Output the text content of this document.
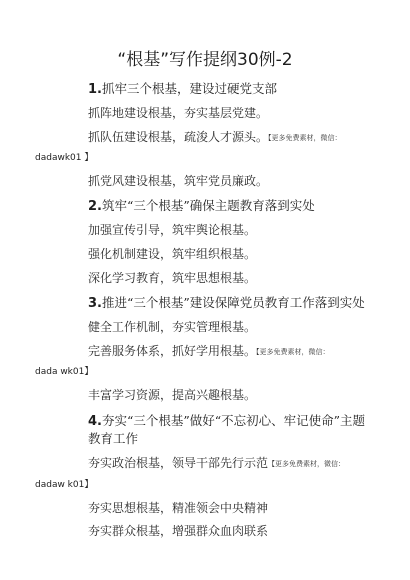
“根基”写作提纲30例-2
1.抓牢三个根基，建设过硬党支部
抓阵地建设根基，夯实基层党建。
抓队伍建设根基，疏浚人才源头。【更多免费素材，微信：
dadawk01 】
抓党风建设根基，筑牢党员廉政。
2.筑牢“三个根基”确保主题教育落到实处
加强宣传引导，筑牢舆论根基。
强化机制建设，筑牢组织根基。
深化学习教育，筑牢思想根基。
3.推进“三个根基”建设保障党员教育工作落到实处
健全工作机制，夯实管理根基。
完善服务体系，抓好学用根基。【更多免费素材，微信：
dada wk01】
丰富学习资源，提高兴趣根基。
4.夯实“三个根基”做好“不忘初心、牢记使命”主题
教育工作
夯实政治根基，领导干部先行示范【更多免费素材，微信：
dadaw k01】
夯实思想根基，精准领会中央精神
夯实群众根基，增强群众血肉联系
